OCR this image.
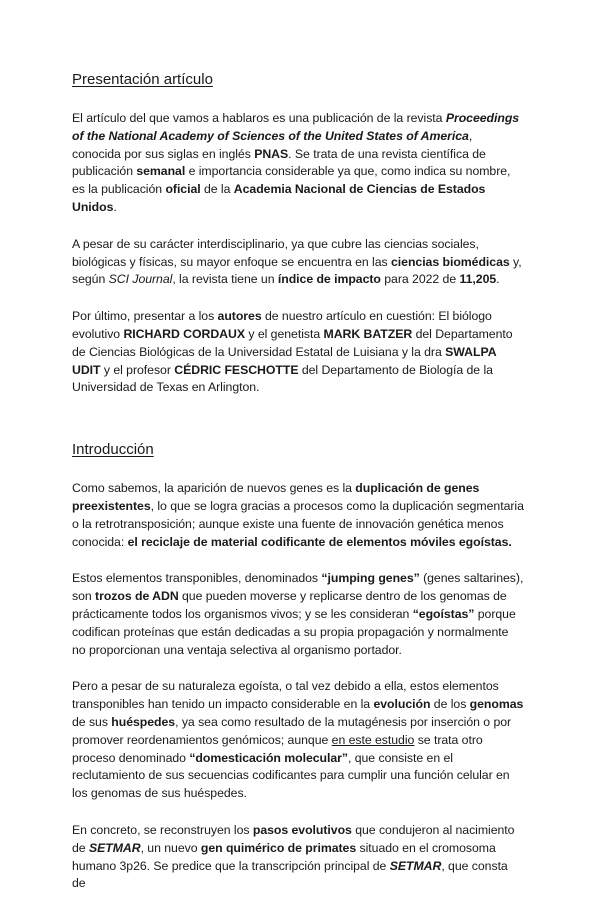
Presentación artículo

El artículo del que vamos a hablaros es una publicación de la revista Proceedings of the National Academy of Sciences of the United States of America, conocida por sus siglas en inglés PNAS. Se trata de una revista científica de publicación semanal e importancia considerable ya que, como indica su nombre, es la publicación oficial de la Academia Nacional de Ciencias de Estados Unidos.

A pesar de su carácter interdisciplinario, ya que cubre las ciencias sociales, biológicas y físicas, su mayor enfoque se encuentra en las ciencias biomédicas y, según SCI Journal, la revista tiene un índice de impacto para 2022 de 11,205.

Por último, presentar a los autores de nuestro artículo en cuestión: El biólogo evolutivo RICHARD CORDAUX y el genetista MARK BATZER del Departamento de Ciencias Biológicas de la Universidad Estatal de Luisiana y la dra SWALPA UDIT y el profesor CÉDRIC FESCHOTTE del Departamento de Biología de la Universidad de Texas en Arlington.

Introducción

Como sabemos, la aparición de nuevos genes es la duplicación de genes preexistentes, lo que se logra gracias a procesos como la duplicación segmentaria o la retrotransposición; aunque existe una fuente de innovación genética menos conocida: el reciclaje de material codificante de elementos móviles egoístas.

Estos elementos transponibles, denominados “jumping genes” (genes saltarines), son trozos de ADN que pueden moverse y replicarse dentro de los genomas de prácticamente todos los organismos vivos; y se les consideran “egoístas” porque codifican proteínas que están dedicadas a su propia propagación y normalmente no proporcionan una ventaja selectiva al organismo portador.

Pero a pesar de su naturaleza egoísta, o tal vez debido a ella, estos elementos transponibles han tenido un impacto considerable en la evolución de los genomas de sus huéspedes, ya sea como resultado de la mutagénesis por inserción o por promover reordenamientos genómicos; aunque en este estudio se trata otro proceso denominado “domesticación molecular”, que consiste en el reclutamiento de sus secuencias codificantes para cumplir una función celular en los genomas de sus huéspedes.

En concreto, se reconstruyen los pasos evolutivos que condujeron al nacimiento de SETMAR, un nuevo gen quimérico de primates situado en el cromosoma humano 3p26. Se predice que la transcripción principal de SETMAR, que consta de
